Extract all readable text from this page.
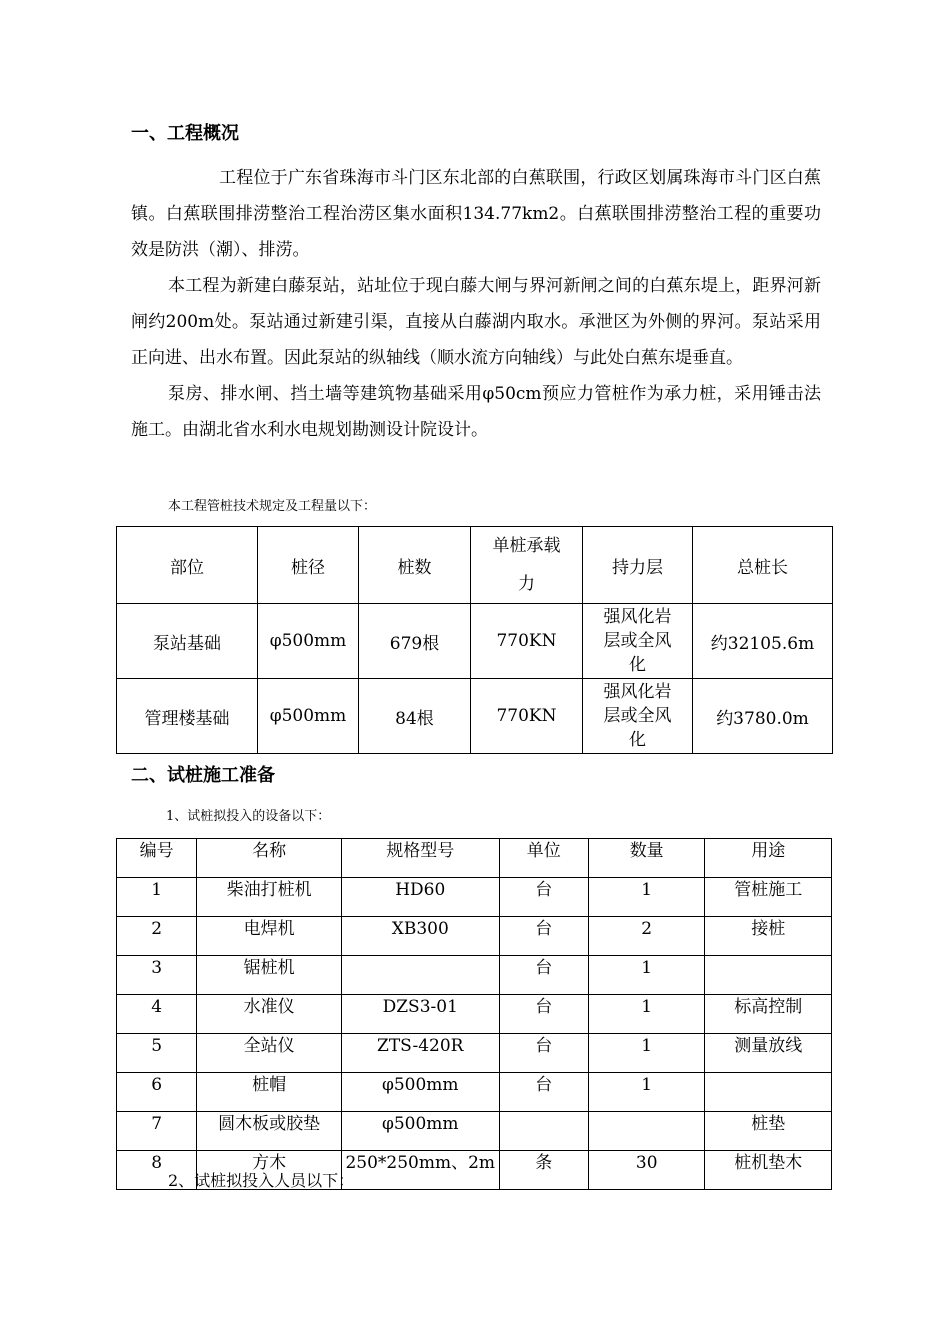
一、工程概况

工程位于广东省珠海市斗门区东北部的白蕉联围，行政区划属珠海市斗门区白蕉镇。白蕉联围排涝整治工程治涝区集水面积134.77km2。白蕉联围排涝整治工程的重要功效是防洪（潮）、排涝。

本工程为新建白藤泵站，站址位于现白藤大闸与界河新闸之间的白蕉东堤上，距界河新闸约200m处。泵站通过新建引渠，直接从白藤湖内取水。承泄区为外侧的界河。泵站采用正向进、出水布置。因此泵站的纵轴线（顺水流方向轴线）与此处白蕉东堤垂直。

泵房、排水闸、挡土墙等建筑物基础采用φ50cm预应力管桩作为承力桩，采用锤击法施工。由湖北省水利水电规划勘测设计院设计。

本工程管桩技术规定及工程量以下：
部位	桩径	桩数	单桩承载力	持力层	总桩长
泵站基础	φ500mm	679根	770KN	强风化岩层或全风化	约32105.6m
管理楼基础	φ500mm	84根	770KN	强风化岩层或全风化	约3780.0m
二、试桩施工准备
1、试桩拟投入的设备以下：
编号	名称	规格型号	单位	数量	用途
1	柴油打桩机	HD60	台	1	管桩施工
2	电焊机	XB300	台	2	接桩
3	锯桩机		台	1	
4	水准仪	DZS3-01	台	1	标高控制
5	全站仪	ZTS-420R	台	1	测量放线
6	桩帽	φ500mm	台	1	
7	圆木板或胶垫	φ500mm			桩垫
8	方木	250*250mm、2m	条	30	桩机垫木
2、试桩拟投入人员以下：
